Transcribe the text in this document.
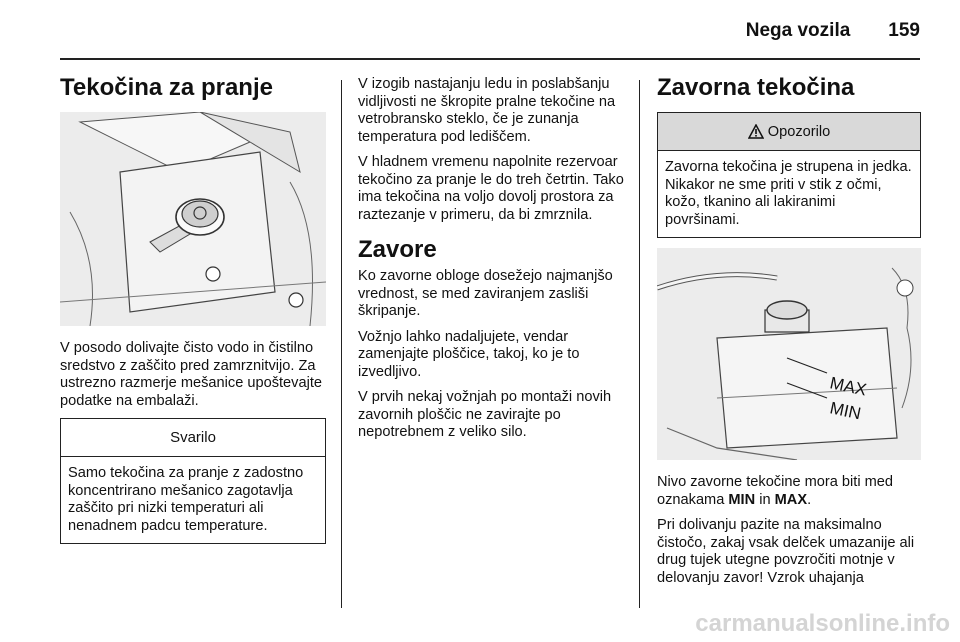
Nega vozila 159
Tekočina za pranje

V posodo dolivajte čisto vodo in čistilno sredstvo z zaščito pred zamrznitvijo. Za ustrezno razmerje mešanice upoštevajte podatke na embalaži.

Svarilo
Samo tekočina za pranje z zadostno koncentrirano mešanico zagotavlja zaščito pri nizki temperaturi ali nenadnem padcu temperature.

V izogib nastajanju ledu in poslabšanju vidljivosti ne škropite pralne tekočine na vetrobransko steklo, če je zunanja temperatura pod lediščem.

V hladnem vremenu napolnite rezervoar tekočino za pranje le do treh četrtin. Tako ima tekočina na voljo dovolj prostora za raztezanje v primeru, da bi zmrznila.

Zavore

Ko zavorne obloge dosežejo najmanjšo vrednost, se med zaviranjem zasliši škripanje.

Vožnjo lahko nadaljujete, vendar zamenjajte ploščice, takoj, ko je to izvedljivo.

V prvih nekaj vožnjah po montaži novih zavornih ploščic ne zavirajte po nepotrebnem z veliko silo.

Zavorna tekočina
Opozorilo
Zavorna tekočina je strupena in jedka. Nikakor ne sme priti v stik z očmi, kožo, tkanino ali lakiranimi površinami.
MAX
MIN

Nivo zavorne tekočine mora biti med oznakama MIN in MAX.

Pri dolivanju pazite na maksimalno čistočo, zakaj vsak delček umazanije ali drug tujek utegne povzročiti motnje v delovanju zavor! Vzrok uhajanja

carmanualsonline.info
